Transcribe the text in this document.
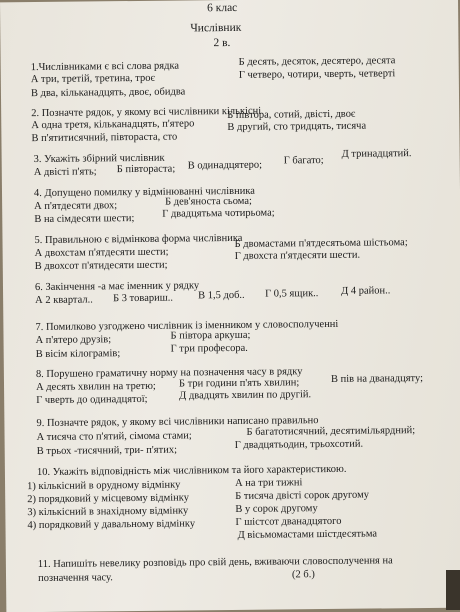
6 клас
Числівник
2 в.
1.Числівниками є всі слова рядка
А три, третій, третина, троє
Б десять, десяток, десятеро, десята
В два, кільканадцять, двоє, обидва
Г четверо, чотири, чверть, четверті
2. Позначте рядок, у якому всі числівники кількісні
А одна третя, кільканадцять, п'ятеро
Б півтора, сотий, двісті, двоє
В п'ятитисячний, півтораста, сто
В другий, сто тридцять, тисяча
3. Укажіть збірний числівник
А двісті п'ять; Б півтораста; В одинадцятеро; Г багато;
Д тринадцятий.
4. Допущено помилку у відмінюванні числівника
А п'ятдесяти двох;	Б дев'яноста сьома;
В на сімдесяти шести;	Г двадцятьма чотирьома;
5. Правильною є відмінкова форма числівника
А двохстам п'ятдесяти шести;
Б двомастами п'ятдесятьома шістьома;
В двохсот п'ятидесяти шести;
Г двохста п'ятдесяти шести.
6. Закінчення -а має іменник у рядку
А 2 квартал.. Б 3 товариш.. В 1,5 доб.. Г 0,5 ящик.. Д 4 район..
7. Помилково узгоджено числівник із іменником у словосполученні
А п'ятеро друзів;	Б півтора аркуша;
В вісім кілограмів;	Г три професора.
8. Порушено граматичну норму на позначення часу в рядку
А десять хвилин на третю; Б три години п'ять хвилин;	В пів на дванадцяту;
Г чверть до одинадцятої;	Д двадцять хвилин по другій.
9. Позначте рядок, у якому всі числівники написано правильно
А тисяча сто п'ятий, сімома стами;	Б багатотисячний, десятимільярдний;
В трьох -тисячний, три- п'ятих;	Г двадцятьодин, трьохсотий.
10. Укажіть відповідність між числівником та його характеристикою.
1) кількісний в орудному відмінку
2) порядковий у місцевому відмінку
3) кількісний в знахідному відмінку
4) порядковий у давальному відмінку
А на три тижні
Б тисяча двісті сорок другому
В у сорок другому
Г шістсот дванадцятого
Д вісьмомастами шістдесятьма
11. Напишіть невелику розповідь про свій день, вживаючи словосполучення на
позначення часу.	(2 б.)
